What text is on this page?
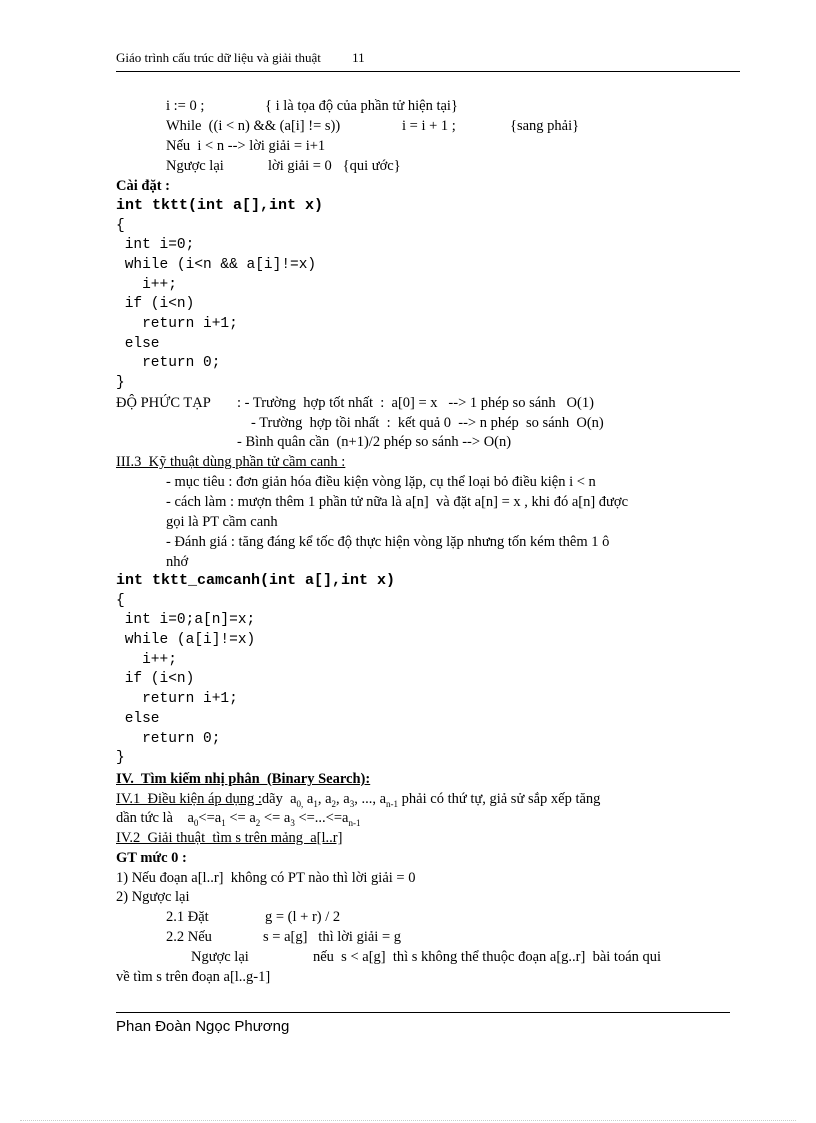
Giáo trình cấu trúc dữ liệu và giải thuật 11
i := 0 ;	{ i là tọa độ của phần tử hiện tại}
While  ((i < n) && (a[i] != s))	i = i + 1 ;	{sang phải}
Nếu  i < n --> lời giải = i+1
Ngược lại	lời giải = 0   {qui ước}
Cài đặt :
int tktt(int a[],int x)
{
int i=0;
while (i<n && a[i]!=x)
i++;
if (i<n)
return i+1;
else
return 0;
}
ĐỘ PHỨC TẠP : - Trường  hợp tốt nhất  :  a[0] = x   --> 1 phép so sánh   O(1)
- Trường  hợp tồi nhất  :  kết quả 0  --> n phép  so sánh  O(n)
- Bình quân cần  (n+1)/2 phép so sánh --> O(n)
III.3  Kỹ thuật dùng phần tử cầm canh :
- mục tiêu : đơn giản hóa điều kiện vòng lặp, cụ thể loại bỏ điều kiện i < n
- cách làm : mượn thêm 1 phần tử nữa là a[n]  và đặt a[n] = x , khi đó a[n] được
gọi là PT cầm canh
- Đánh giá : tăng đáng kể tốc độ thực hiện vòng lặp nhưng tốn kém thêm 1 ô
nhớ
int tktt_camcanh(int a[],int x)
{
int i=0;a[n]=x;
while (a[i]!=x)
i++;
if (i<n)
return i+1;
else
return 0;
}
IV.  Tìm kiếm nhị phân  (Binary Search):
IV.1  Điều kiện áp dụng :dãy  $a_{0,}$ $a_1$, $a_2$, $a_3$, ..., $a_{n-1}$ phải có thứ tự, giả sử sắp xếp tăng
dần tức là    $a_0<=a_1 <= a_2 <= a_3 <=...<=a_{n-1}$
IV.2  Giải thuật  tìm s trên mảng  a[l..r]
GT mức 0 :
1) Nếu đoạn a[l..r]  không có PT nào thì lời giải = 0
2) Ngược lại
2.1 Đặt	g = (l + r) / 2
2.2 Nếu	s = a[g]   thì lời giải = g
Ngược lại	nếu  s < a[g]  thì s không thể thuộc đoạn a[g..r]  bài toán qui
về tìm s trên đoạn a[l..g-1]
Phan Đoàn Ngọc Phương
